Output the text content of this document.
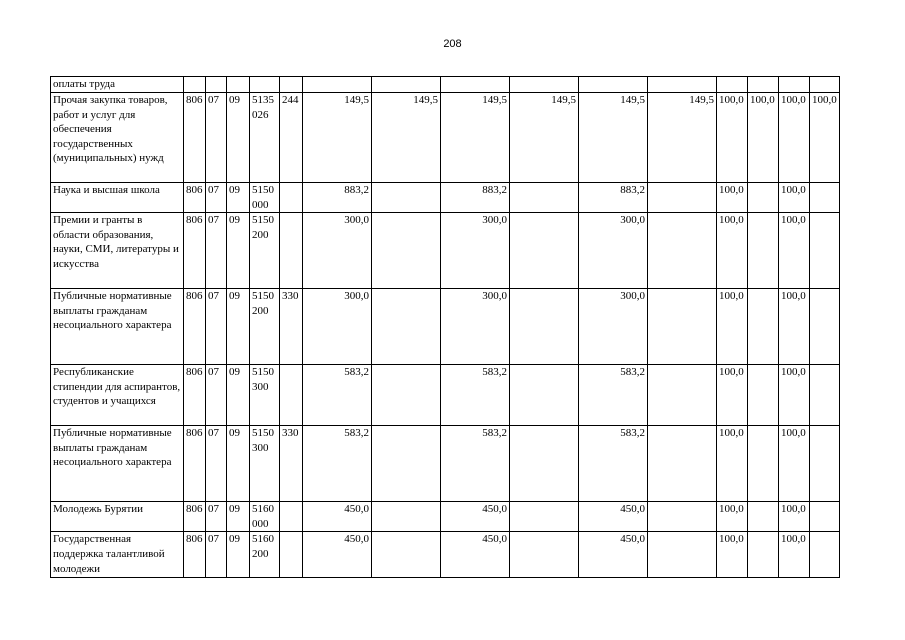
208
оплаты труда															
Прочая закупка товаров, работ и услуг для обеспечения государственных (муниципальных) нужд	806	07	09	5135 026	244	149,5	149,5	149,5	149,5	149,5	149,5	100,0	100,0	100,0	100,0
Наука и высшая школа	806	07	09	5150 000		883,2		883,2		883,2		100,0		100,0	
Премии и гранты в области образования, науки, СМИ, литературы и искусства	806	07	09	5150 200		300,0		300,0		300,0		100,0		100,0	
Публичные нормативные выплаты гражданам несоциального характера	806	07	09	5150 200	330	300,0		300,0		300,0		100,0		100,0	
Республиканские стипендии для аспирантов, студентов и учащихся	806	07	09	5150 300		583,2		583,2		583,2		100,0		100,0	
Публичные нормативные выплаты гражданам несоциального характера	806	07	09	5150 300	330	583,2		583,2		583,2		100,0		100,0	
Молодежь Бурятии	806	07	09	5160 000		450,0		450,0		450,0		100,0		100,0	
Государственная поддержка талантливой молодежи	806	07	09	5160 200		450,0		450,0		450,0		100,0		100,0	
